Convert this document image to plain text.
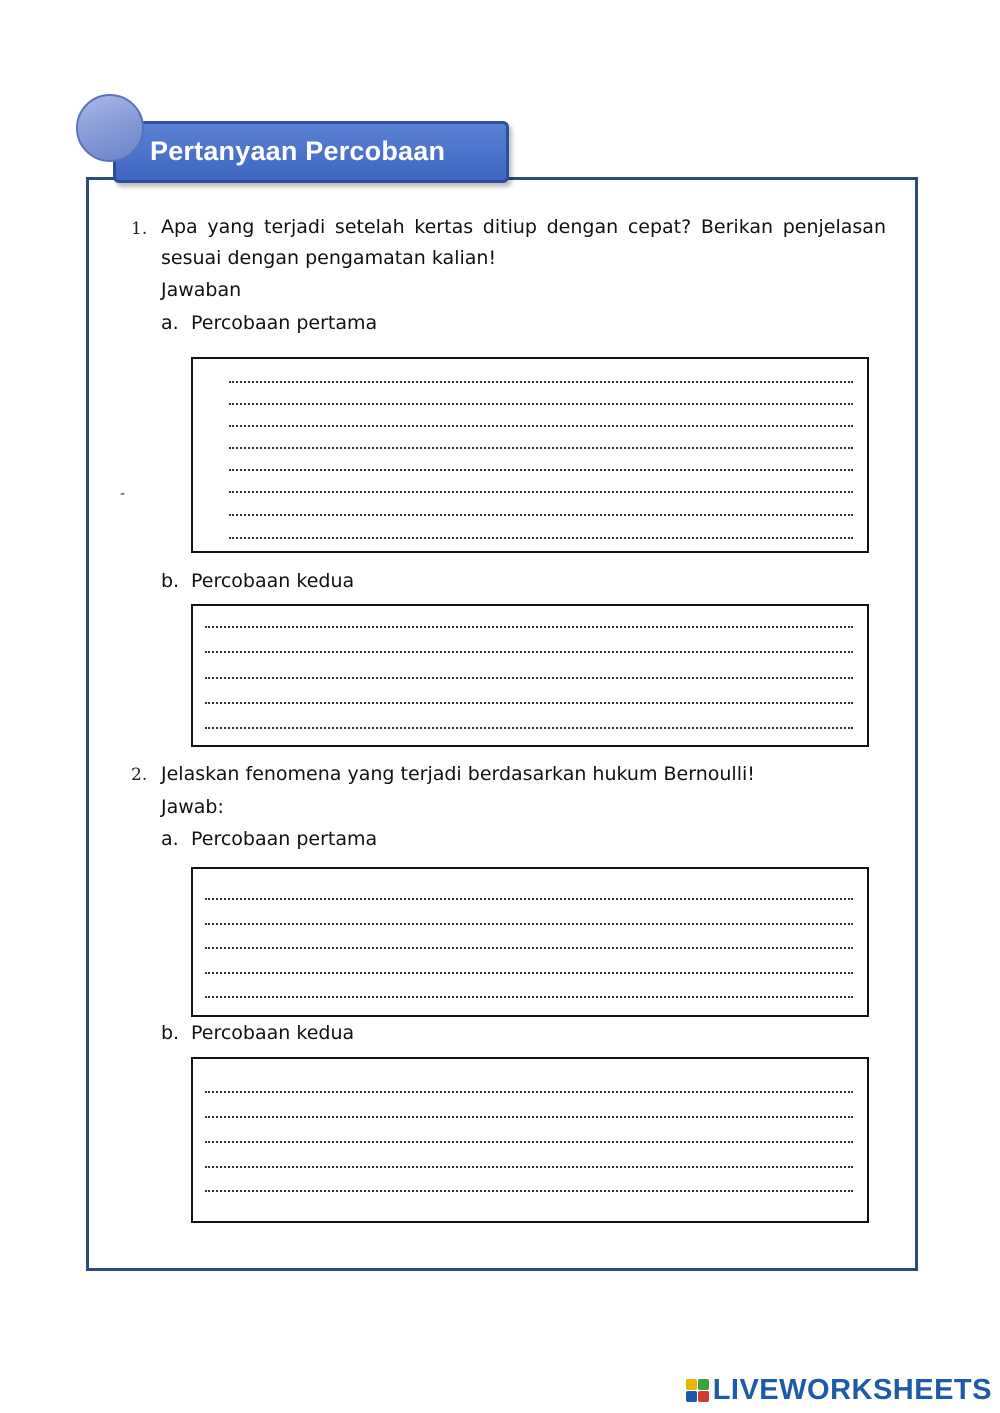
Pertanyaan Percobaan
1. Apa yang terjadi setelah kertas ditiup dengan cepat? Berikan penjelasan
sesuai dengan pengamatan kalian!
Jawaban
a. Percobaan pertama
-
b. Percobaan kedua
2. Jelaskan fenomena yang terjadi berdasarkan hukum Bernoulli!
Jawab:
a. Percobaan pertama
b. Percobaan kedua
LIVEWORKSHEETS
